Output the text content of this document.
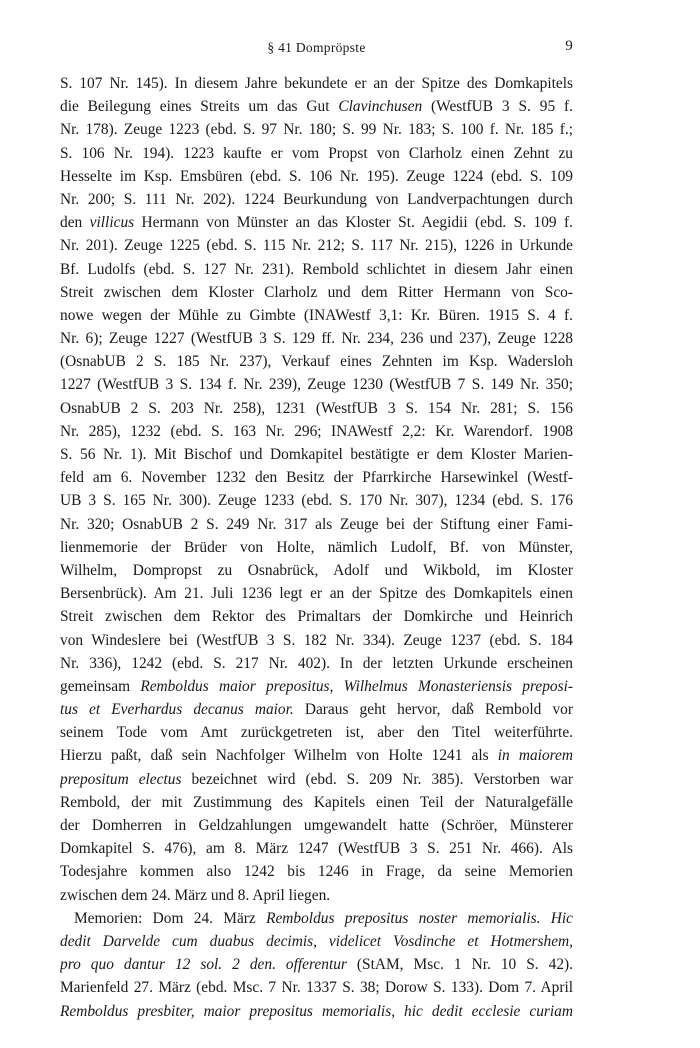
§ 41 Dompröpste	9
S. 107 Nr. 145). In diesem Jahre bekundete er an der Spitze des Domkapitels
die Beilegung eines Streits um das Gut Clavinchusen (WestfUB 3 S. 95 f.
Nr. 178). Zeuge 1223 (ebd. S. 97 Nr. 180; S. 99 Nr. 183; S. 100 f. Nr. 185 f.;
S. 106 Nr. 194). 1223 kaufte er vom Propst von Clarholz einen Zehnt zu
Hesselte im Ksp. Emsbüren (ebd. S. 106 Nr. 195). Zeuge 1224 (ebd. S. 109
Nr. 200; S. 111 Nr. 202). 1224 Beurkundung von Landverpachtungen durch
den villicus Hermann von Münster an das Kloster St. Aegidii (ebd. S. 109 f.
Nr. 201). Zeuge 1225 (ebd. S. 115 Nr. 212; S. 117 Nr. 215), 1226 in Urkunde
Bf. Ludolfs (ebd. S. 127 Nr. 231). Rembold schlichtet in diesem Jahr einen
Streit zwischen dem Kloster Clarholz und dem Ritter Hermann von Sco-
nowe wegen der Mühle zu Gimbte (INAWestf 3,1: Kr. Büren. 1915 S. 4 f.
Nr. 6); Zeuge 1227 (WestfUB 3 S. 129 ff. Nr. 234, 236 und 237), Zeuge 1228
(OsnabUB 2 S. 185 Nr. 237), Verkauf eines Zehnten im Ksp. Wadersloh
1227 (WestfUB 3 S. 134 f. Nr. 239), Zeuge 1230 (WestfUB 7 S. 149 Nr. 350;
OsnabUB 2 S. 203 Nr. 258), 1231 (WestfUB 3 S. 154 Nr. 281; S. 156
Nr. 285), 1232 (ebd. S. 163 Nr. 296; INAWestf 2,2: Kr. Warendorf. 1908
S. 56 Nr. 1). Mit Bischof und Domkapitel bestätigte er dem Kloster Marien-
feld am 6. November 1232 den Besitz der Pfarrkirche Harsewinkel (Westf-
UB 3 S. 165 Nr. 300). Zeuge 1233 (ebd. S. 170 Nr. 307), 1234 (ebd. S. 176
Nr. 320; OsnabUB 2 S. 249 Nr. 317 als Zeuge bei der Stiftung einer Fami-
lienmemorie der Brüder von Holte, nämlich Ludolf, Bf. von Münster,
Wilhelm, Dompropst zu Osnabrück, Adolf und Wikbold, im Kloster
Bersenbrück). Am 21. Juli 1236 legt er an der Spitze des Domkapitels einen
Streit zwischen dem Rektor des Primaltars der Domkirche und Heinrich
von Windeslere bei (WestfUB 3 S. 182 Nr. 334). Zeuge 1237 (ebd. S. 184
Nr. 336), 1242 (ebd. S. 217 Nr. 402). In der letzten Urkunde erscheinen
gemeinsam Remboldus maior prepositus, Wilhelmus Monasteriensis preposi-
tus et Everhardus decanus maior. Daraus geht hervor, daß Rembold vor
seinem Tode vom Amt zurückgetreten ist, aber den Titel weiterführte.
Hierzu paßt, daß sein Nachfolger Wilhelm von Holte 1241 als in maiorem
prepositum electus bezeichnet wird (ebd. S. 209 Nr. 385). Verstorben war
Rembold, der mit Zustimmung des Kapitels einen Teil der Naturalgefälle
der Domherren in Geldzahlungen umgewandelt hatte (Schröer, Münsterer
Domkapitel S. 476), am 8. März 1247 (WestfUB 3 S. 251 Nr. 466). Als
Todesjahre kommen also 1242 bis 1246 in Frage, da seine Memorien
zwischen dem 24. März und 8. April liegen.
Memorien: Dom 24. März Remboldus prepositus noster memorialis. Hic
dedit Darvelde cum duabus decimis, videlicet Vosdinche et Hotmershem,
pro quo dantur 12 sol. 2 den. offerentur (StAM, Msc. 1 Nr. 10 S. 42).
Marienfeld 27. März (ebd. Msc. 7 Nr. 1337 S. 38; Dorow S. 133). Dom 7. April
Remboldus presbiter, maior prepositus memorialis, hic dedit ecclesie curiam
